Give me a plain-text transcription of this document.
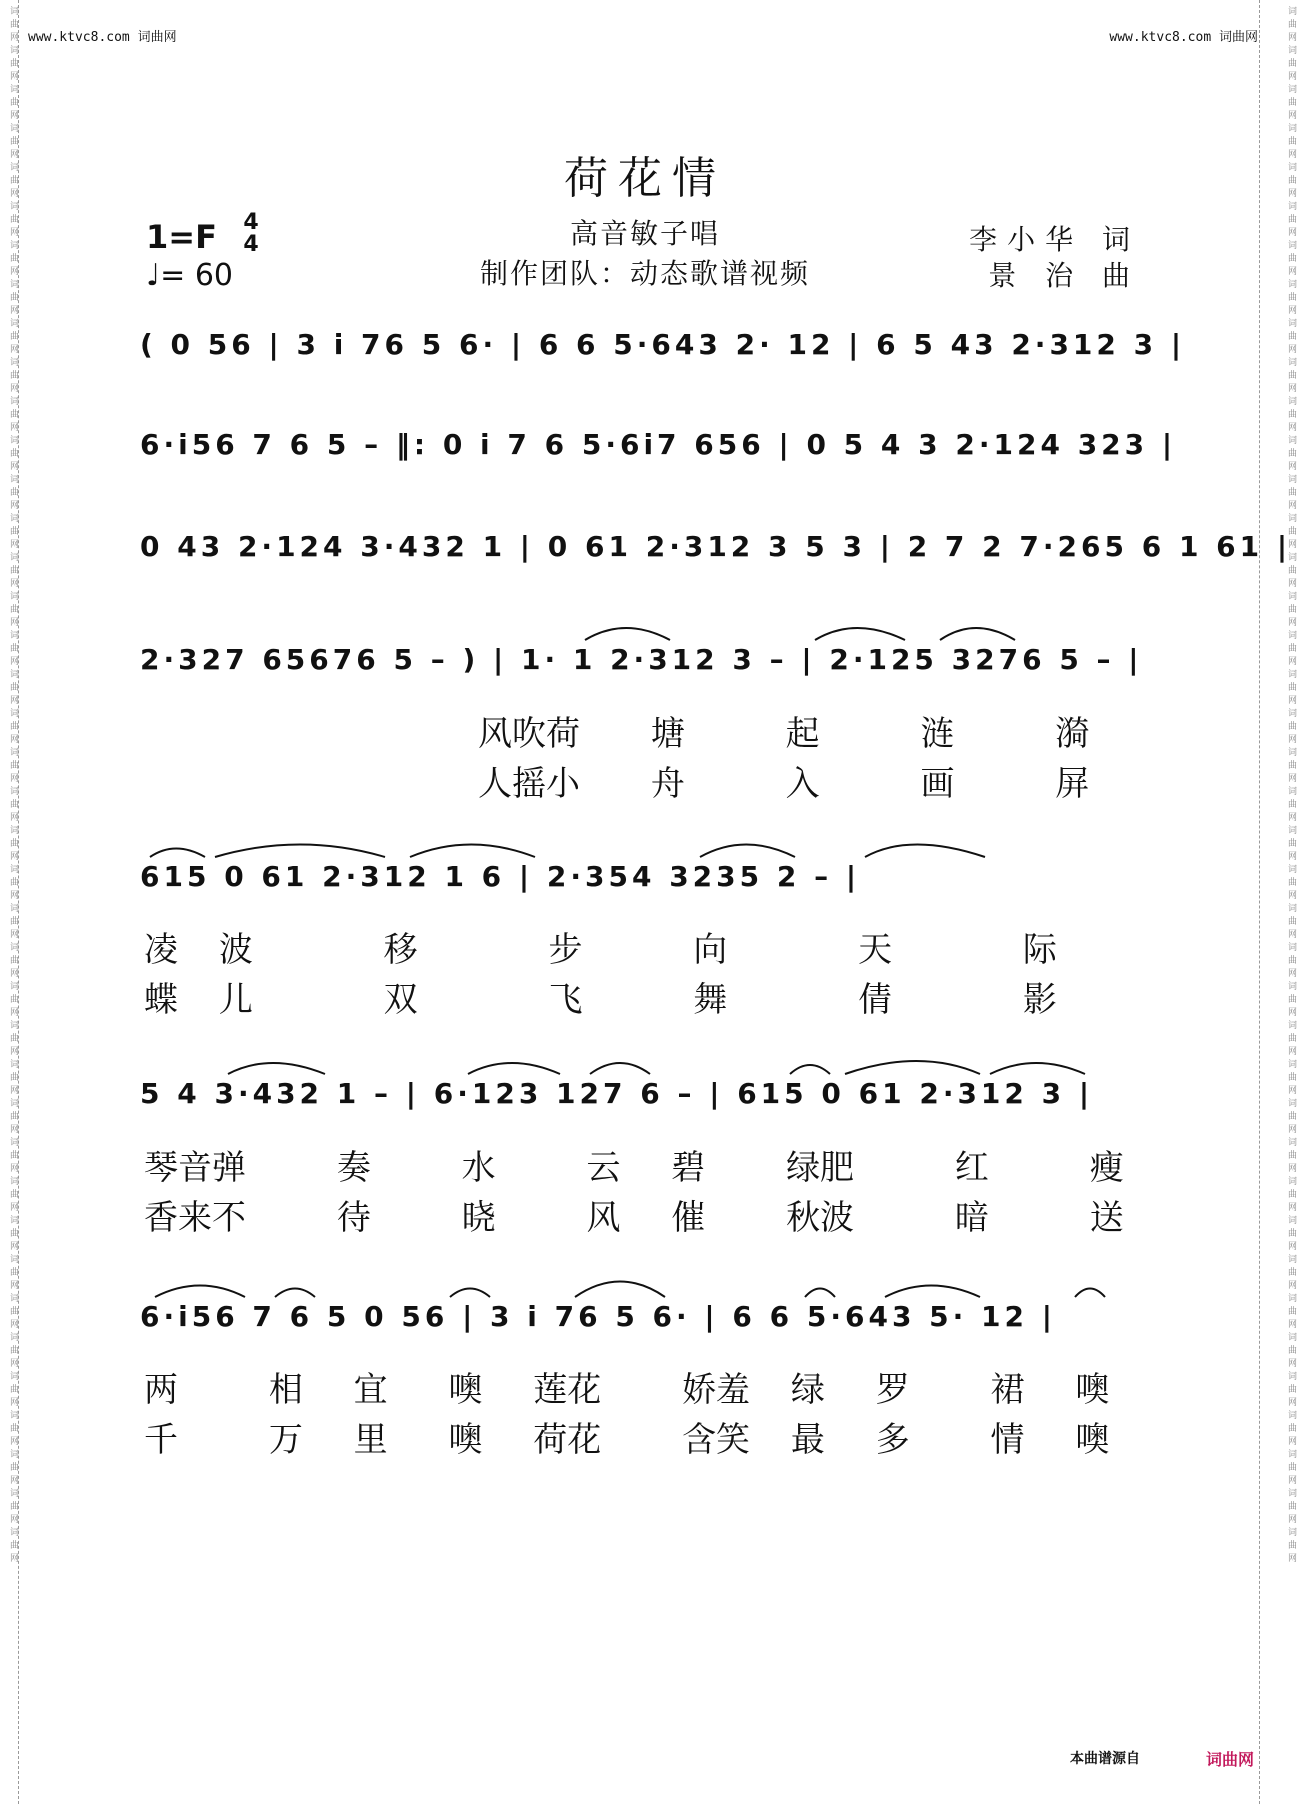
词曲网词曲网词曲网词曲网词曲网词曲网词曲网词曲网词曲网词曲网词曲网词曲网词曲网词曲网词曲网词曲网词曲网词曲网词曲网词曲网词曲网词曲网词曲网词曲网词曲网词曲网词曲网词曲网词曲网词曲网词曲网词曲网词曲网词曲网词曲网词曲网词曲网词曲网词曲网词曲网	词曲网词曲网词曲网词曲网词曲网词曲网词曲网词曲网词曲网词曲网词曲网词曲网词曲网词曲网词曲网词曲网词曲网词曲网词曲网词曲网词曲网词曲网词曲网词曲网词曲网词曲网词曲网词曲网词曲网词曲网词曲网词曲网词曲网词曲网词曲网词曲网词曲网词曲网词曲网词曲网
www.ktvc8.com 词曲网	www.ktvc8.com 词曲网
荷花情
高音敏子唱
制作团队：动态歌谱视频
李小华 词
景 治 曲
1=F 4
4
♩= 60
( 0 56 | 3 i 76 5 6· | 6 6 5·643 2· 12 | 6 5 43 2·312 3 |
6·i56 7 6 5 – ‖: 0 i 7 6 5·6i7 656 | 0 5 4 3 2·124 323 |
0 43 2·124 3·432 1 | 0 61 2·312 3 5 3 | 2 7 2 7·265 6 1 61 |
2·327 65676 5 – ) | 1· 1 2·312 3 – | 2·125 3276 5 – |
风吹荷 塘	起	涟	漪
人摇小 舟	入	画	屏
615 0 61 2·312 1 6 | 2·354 3235 2 – |
凌 波	移	步	向	天	际
蝶 儿	双	飞	舞	倩	影
5 4 3·432 1 – | 6·123 127 6 – | 615 0 61 2·312 3 |
琴音弹	奏	水	云 碧 绿肥	红	瘦
香来不	待	晓	风 催 秋波	暗	送
6·i56 7 6 5 0 56 | 3 i 76 5 6· | 6 6 5·643 5· 12 |
两	相 宜 噢 莲花 娇羞 绿 罗 裙 噢
千	万 里 噢 荷花 含笑 最 多 情 噢
本曲谱源自	词曲网
